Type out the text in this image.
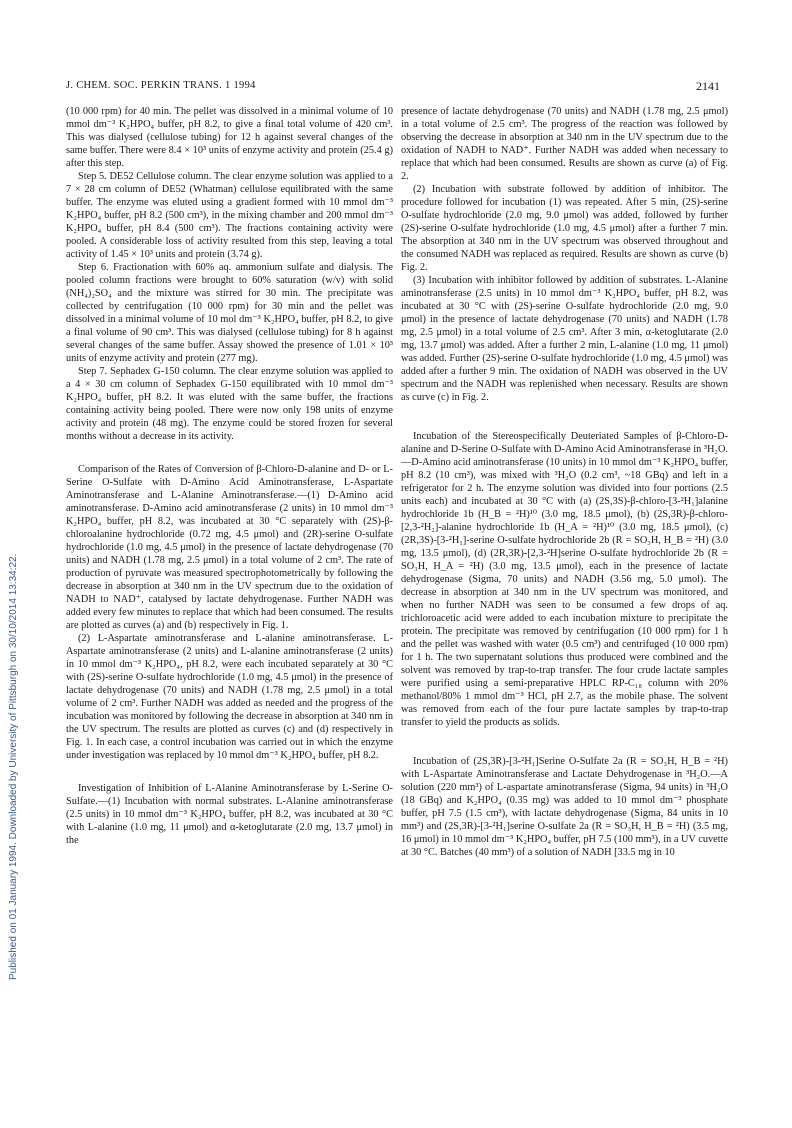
J. CHEM. SOC. PERKIN TRANS. 1 1994	2141
Published on 01 January 1994. Downloaded by University of Pittsburgh on 30/10/2014 13:34:22.

(10 000 rpm) for 40 min. The pellet was dissolved in a minimal volume of 10 mmol dm⁻³ K₂HPO₄ buffer, pH 8.2, to give a final total volume of 420 cm³. This was dialysed (cellulose tubing) for 12 h against several changes of the same buffer. There were 8.4 × 10³ units of enzyme activity and protein (25.4 g) after this step.

Step 5. DE52 Cellulose column. The clear enzyme solution was applied to a 7 × 28 cm column of DE52 (Whatman) cellulose equilibrated with the same buffer. The enzyme was eluted using a gradient formed with 10 mmol dm⁻³ K₂HPO₄ buffer, pH 8.2 (500 cm³), in the mixing chamber and 200 mmol dm⁻³ K₂HPO₄ buffer, pH 8.4 (500 cm³). The fractions containing activity were pooled. A considerable loss of activity resulted from this step, leaving a total activity of 1.45 × 10³ units and protein (3.74 g).

Step 6. Fractionation with 60% aq. ammonium sulfate and dialysis. The pooled column fractions were brought to 60% saturation (w/v) with solid (NH₄)₂SO₄ and the mixture was stirred for 30 min. The precipitate was collected by centrifugation (10 000 rpm) for 30 min and the pellet was dissolved in a minimal volume of 10 mol dm⁻³ K₂HPO₄ buffer, pH 8.2, to give a final volume of 90 cm³. This was dialysed (cellulose tubing) for 8 h against several changes of the same buffer. Assay showed the presence of 1.01 × 10³ units of enzyme activity and protein (277 mg).

Step 7. Sephadex G-150 column. The clear enzyme solution was applied to a 4 × 30 cm column of Sephadex G-150 equilibrated with 10 mmol dm⁻³ K₂HPO₄ buffer, pH 8.2. It was eluted with the same buffer, the fractions containing activity being pooled. There were now only 198 units of enzyme activity and protein (48 mg). The enzyme could be stored frozen for several months without a decrease in its activity.

Comparison of the Rates of Conversion of β-Chloro-D-alanine and D- or L-Serine O-Sulfate with D-Amino Acid Aminotransferase, L-Aspartate Aminotransferase and L-Alanine Aminotransferase.—(1) D-Amino acid aminotransferase. D-Amino acid aminotransferase (2 units) in 10 mmol dm⁻³ K₂HPO₄ buffer, pH 8.2, was incubated at 30 °C separately with (2S)-β-chloroalanine hydrochloride (0.72 mg, 4.5 μmol) and (2R)-serine O-sulfate hydrochloride (1.0 mg, 4.5 μmol) in the presence of lactate dehydrogenase (70 units) and NADH (1.78 mg, 2.5 μmol) in a total volume of 2 cm³. The rate of production of pyruvate was measured spectrophotometrically by following the decrease in absorption at 340 nm in the UV spectrum due to the oxidation of NADH to NAD⁺, catalysed by lactate dehydrogenase. Further NADH was added every few minutes to replace that which had been consumed. The results are plotted as curves (a) and (b) respectively in Fig. 1.

(2) L-Aspartate aminotransferase and L-alanine aminotransferase. L-Aspartate aminotransferase (2 units) and L-alanine aminotransferase (2 units) in 10 mmol dm⁻³ K₂HPO₄, pH 8.2, were each incubated separately at 30 °C with (2S)-serine O-sulfate hydrochloride (1.0 mg, 4.5 μmol) in the presence of lactate dehydrogenase (70 units) and NADH (1.78 mg, 2.5 μmol) in a total volume of 2 cm³. Further NADH was added as needed and the progress of the incubation was monitored by following the decrease in absorption at 340 nm in the UV spectrum. The results are plotted as curves (c) and (d) respectively in Fig. 1. In each case, a control incubation was carried out in which the enzyme under investigation was replaced by 10 mmol dm⁻³ K₂HPO₄ buffer, pH 8.2.

Investigation of Inhibition of L-Alanine Aminotransferase by L-Serine O-Sulfate.—(1) Incubation with normal substrates. L-Alanine aminotransferase (2.5 units) in 10 mmol dm⁻³ K₂HPO₄ buffer, pH 8.2, was incubated at 30 °C with L-alanine (1.0 mg, 11 μmol) and α-ketoglutarate (2.0 mg, 13.7 μmol) in the

presence of lactate dehydrogenase (70 units) and NADH (1.78 mg, 2.5 μmol) in a total volume of 2.5 cm³. The progress of the reaction was followed by observing the decrease in absorption at 340 nm in the UV spectrum due to the oxidation of NADH to NAD⁺. Further NADH was added when necessary to replace that which had been consumed. Results are shown as curve (a) of Fig. 2.

(2) Incubation with substrate followed by addition of inhibitor. The procedure followed for incubation (1) was repeated. After 5 min, (2S)-serine O-sulfate hydrochloride (2.0 mg, 9.0 μmol) was added, followed by further (2S)-serine O-sulfate hydrochloride (1.0 mg, 4.5 μmol) after a further 7 min. The absorption at 340 nm in the UV spectrum was observed throughout and the consumed NADH was replaced as required. Results are shown as curve (b) Fig. 2.

(3) Incubation with inhibitor followed by addition of substrates. L-Alanine aminotransferase (2.5 units) in 10 mmol dm⁻³ K₂HPO₄ buffer, pH 8.2, was incubated at 30 °C with (2S)-serine O-sulfate hydrochloride (2.0 mg, 9.0 μmol) in the presence of lactate dehydrogenase (70 units) and NADH (1.78 mg, 2.5 μmol) in a total volume of 2.5 cm³. After 3 min, α-ketoglutarate (2.0 mg, 13.7 μmol) was added. After a further 2 min, L-alanine (1.0 mg, 11 μmol) was added. Further (2S)-serine O-sulfate hydrochloride (1.0 mg, 4.5 μmol) was added after a further 9 min. The oxidation of NADH was observed in the UV spectrum and the NADH was replenished when necessary. Results are shown as curve (c) in Fig. 2.

Incubation of the Stereospecifically Deuteriated Samples of β-Chloro-D-alanine and D-Serine O-Sulfate with D-Amino Acid Aminotransferase in ³H₂O.—D-Amino acid aminotransferase (10 units) in 10 mmol dm⁻³ K₂HPO₄ buffer, pH 8.2 (10 cm³), was mixed with ³H₂O (0.2 cm³, ~18 GBq) and left in a refrigerator for 2 h. The enzyme solution was divided into four portions (2.5 units each) and incubated at 30 °C with (a) (2S,3S)-β-chloro-[3-²H₁]alanine hydrochloride 1b (H_B = ²H)¹⁰ (3.0 mg, 18.5 μmol), (b) (2S,3R)-β-chloro-[2,3-²H₂]-alanine hydrochloride 1b (H_A = ²H)¹⁰ (3.0 mg, 18.5 μmol), (c) (2R,3S)-[3-²H₁]-serine O-sulfate hydrochloride 2b (R = SO₃H, H_B = ²H) (3.0 mg, 13.5 μmol), (d) (2R,3R)-[2,3-²H]serine O-sulfate hydrochloride 2b (R = SO₃H, H_A = ²H) (3.0 mg, 13.5 μmol), each in the presence of lactate dehydrogenase (Sigma, 70 units) and NADH (3.56 mg, 5.0 μmol). The decrease in absorption at 340 nm in the UV spectrum was monitored, and when no further NADH was seen to be consumed a few drops of aq. trichloroacetic acid were added to each incubation mixture to precipitate the protein. The precipitate was removed by centrifugation (10 000 rpm) for 1 h and the pellet was washed with water (0.5 cm³) and centrifuged (10 000 rpm) for 1 h. The two supernatant solutions thus produced were combined and the solvent was removed by trap-to-trap transfer. The four crude lactate samples were purified using a semi-preparative HPLC RP-C₁₈ column with 20% methanol/80% 1 mmol dm⁻³ HCl, pH 2.7, as the mobile phase. The solvent was removed from each of the four pure lactate samples by trap-to-trap transfer to yield the products as solids.

Incubation of (2S,3R)-[3-²H₁]Serine O-Sulfate 2a (R = SO₃H, H_B = ²H) with L-Aspartate Aminotransferase and Lactate Dehydrogenase in ³H₂O.—A solution (220 mm³) of L-aspartate aminotransferase (Sigma, 94 units) in ³H₂O (18 GBq) and K₂HPO₄ (0.35 mg) was added to 10 mmol dm⁻³ phosphate buffer, pH 7.5 (1.5 cm³), with lactate dehydrogenase (Sigma, 84 units in 10 mm³) and (2S,3R)-[3-²H₁]serine O-sulfate 2a (R = SO₃H, H_B = ²H) (3.5 mg, 16 μmol) in 10 mmol dm⁻³ K₂HPO₄ buffer, pH 7.5 (100 mm³), in a UV cuvette at 30 °C. Batches (40 mm³) of a solution of NADH [33.5 mg in 10
